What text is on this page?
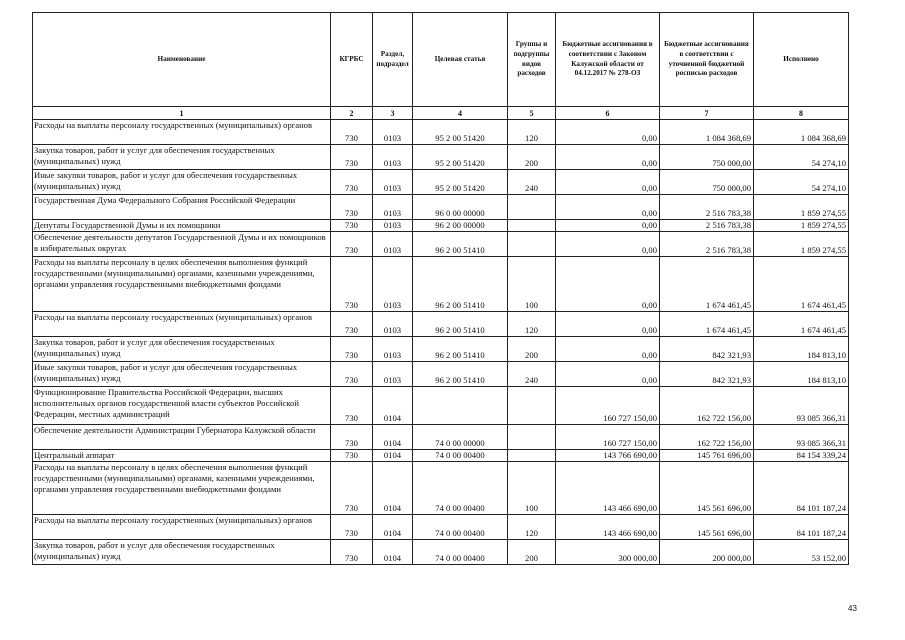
Наименование	КГРБС	Раздел, подраздел	Целевая статья	Группы и подгруппы видов расходов	Бюджетные ассигнования в соответствии с Законом Калужской области от 04.12.2017 № 278-ОЗ	Бюджетные ассигнования в соответствии с уточненной бюджетной росписью расходов	Исполнено
1	2	3	4	5	6	7	8
Расходы на выплаты персоналу государственных (муниципальных) органов	730	0103	95 2 00 51420	120	0,00	1 084 368,69	1 084 368,69
Закупка товаров, работ и услуг для обеспечения государственных (муниципальных) нужд	730	0103	95 2 00 51420	200	0,00	750 000,00	54 274,10
Иные закупки товаров, работ и услуг для обеспечения государственных (муниципальных) нужд	730	0103	95 2 00 51420	240	0,00	750 000,00	54 274,10
Государственная Дума Федерального Собрания Российской Федерации	730	0103	96 0 00 00000		0,00	2 516 783,38	1 859 274,55
Депутаты Государственной Думы и их помощники	730	0103	96 2 00 00000		0,00	2 516 783,38	1 859 274,55
Обеспечение деятельности депутатов Государственной Думы и их помощников в избирательных округах	730	0103	96 2 00 51410		0,00	2 516 783,38	1 859 274,55
Расходы на выплаты персоналу в целях обеспечения выполнения функций государственными (муниципальными) органами, казенными учреждениями, органами управления государственными внебюджетными фондами	730	0103	96 2 00 51410	100	0,00	1 674 461,45	1 674 461,45
Расходы на выплаты персоналу государственных (муниципальных) органов	730	0103	96 2 00 51410	120	0,00	1 674 461,45	1 674 461,45
Закупка товаров, работ и услуг для обеспечения государственных (муниципальных) нужд	730	0103	96 2 00 51410	200	0,00	842 321,93	184 813,10
Иные закупки товаров, работ и услуг для обеспечения государственных (муниципальных) нужд	730	0103	96 2 00 51410	240	0,00	842 321,93	184 813,10
Функционирование Правительства Российской Федерации, высших исполнительных органов государственной власти субъектов Российской Федерации, местных администраций	730	0104			160 727 150,00	162 722 156,00	93 085 366,31
Обеспечение деятельности Администрации Губернатора Калужской области	730	0104	74 0 00 00000		160 727 150,00	162 722 156,00	93 085 366,31
Центральный аппарат	730	0104	74 0 00 00400		143 766 690,00	145 761 696,00	84 154 339,24
Расходы на выплаты персоналу в целях обеспечения выполнения функций государственными (муниципальными) органами, казенными учреждениями, органами управления государственными внебюджетными фондами	730	0104	74 0 00 00400	100	143 466 690,00	145 561 696,00	84 101 187,24
Расходы на выплаты персоналу государственных (муниципальных) органов	730	0104	74 0 00 00400	120	143 466 690,00	145 561 696,00	84 101 187,24
Закупка товаров, работ и услуг для обеспечения государственных (муниципальных) нужд	730	0104	74 0 00 00400	200	300 000,00	200 000,00	53 152,00
43
